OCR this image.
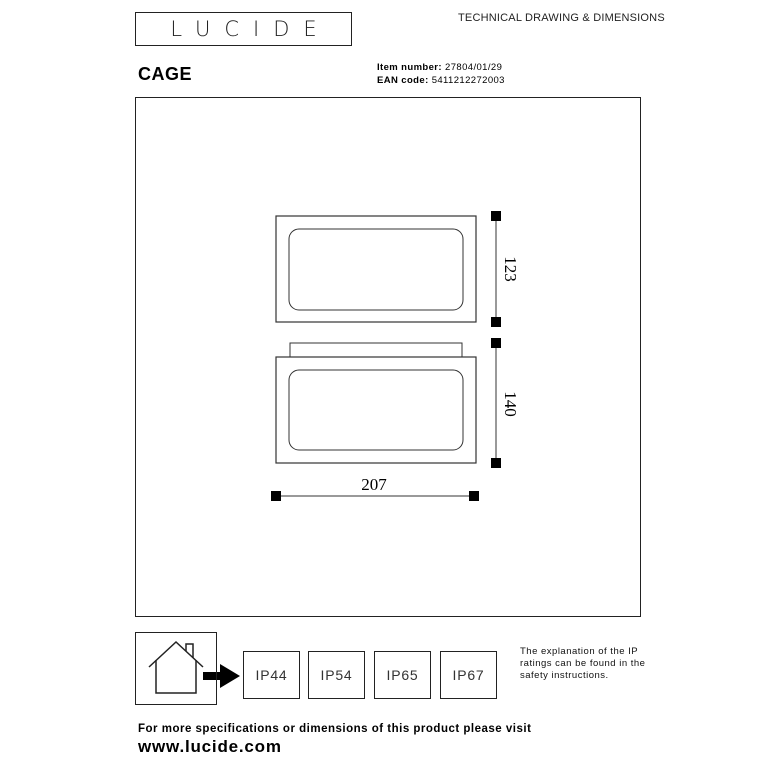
LUCIDE	TECHNICAL DRAWING & DIMENSIONS
CAGE	Item number: 27804/01/29
EAN code: 5411212272003
123
140
207
IP44	IP54	IP65	IP67
The explanation of the IP ratings can be found in the safety instructions.
For more specifications or dimensions of this product please visit
www.lucide.com
